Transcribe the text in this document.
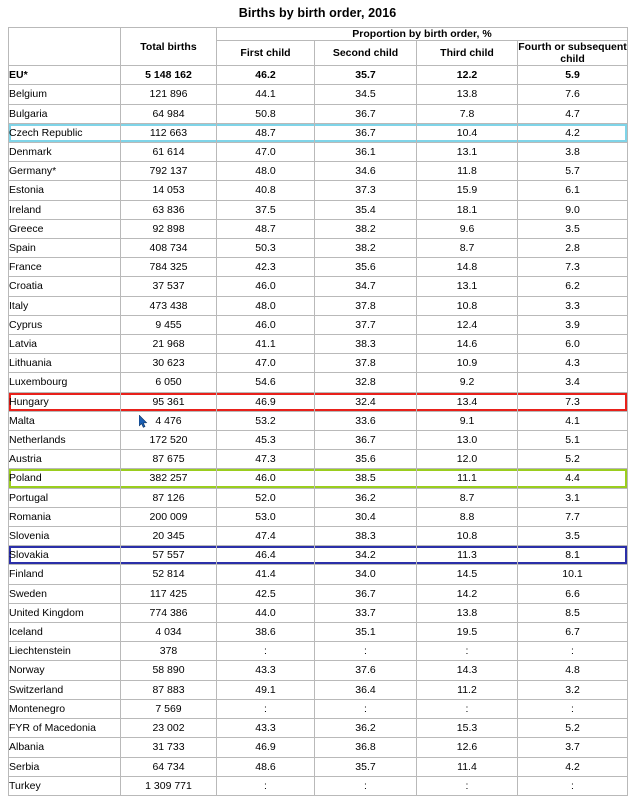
Births by birth order, 2016
	Total births	Proportion by birth order, %			
		First child	Second child	Third child	Fourth or subsequent child
EU*	5 148 162	46.2	35.7	12.2	5.9
Belgium	121 896	44.1	34.5	13.8	7.6
Bulgaria	64 984	50.8	36.7	7.8	4.7
Czech Republic	112 663	48.7	36.7	10.4	4.2
Denmark	61 614	47.0	36.1	13.1	3.8
Germany*	792 137	48.0	34.6	11.8	5.7
Estonia	14 053	40.8	37.3	15.9	6.1
Ireland	63 836	37.5	35.4	18.1	9.0
Greece	92 898	48.7	38.2	9.6	3.5
Spain	408 734	50.3	38.2	8.7	2.8
France	784 325	42.3	35.6	14.8	7.3
Croatia	37 537	46.0	34.7	13.1	6.2
Italy	473 438	48.0	37.8	10.8	3.3
Cyprus	9 455	46.0	37.7	12.4	3.9
Latvia	21 968	41.1	38.3	14.6	6.0
Lithuania	30 623	47.0	37.8	10.9	4.3
Luxembourg	6 050	54.6	32.8	9.2	3.4
Hungary	95 361	46.9	32.4	13.4	7.3
Malta	4 476	53.2	33.6	9.1	4.1
Netherlands	172 520	45.3	36.7	13.0	5.1
Austria	87 675	47.3	35.6	12.0	5.2
Poland	382 257	46.0	38.5	11.1	4.4
Portugal	87 126	52.0	36.2	8.7	3.1
Romania	200 009	53.0	30.4	8.8	7.7
Slovenia	20 345	47.4	38.3	10.8	3.5
Slovakia	57 557	46.4	34.2	11.3	8.1
Finland	52 814	41.4	34.0	14.5	10.1
Sweden	117 425	42.5	36.7	14.2	6.6
United Kingdom	774 386	44.0	33.7	13.8	8.5
Iceland	4 034	38.6	35.1	19.5	6.7
Liechtenstein	378	:	:	:	:
Norway	58 890	43.3	37.6	14.3	4.8
Switzerland	87 883	49.1	36.4	11.2	3.2
Montenegro	7 569	:	:	:	:
FYR of Macedonia	23 002	43.3	36.2	15.3	5.2
Albania	31 733	46.9	36.8	12.6	3.7
Serbia	64 734	48.6	35.7	11.4	4.2
Turkey	1 309 771	:	:	:	:
